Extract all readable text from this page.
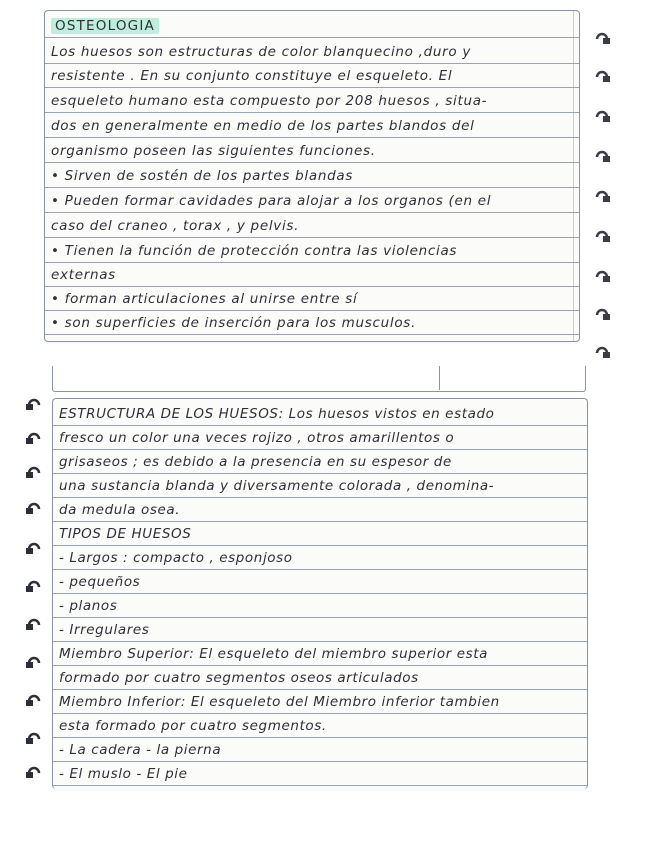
OSTEOLOGIA
Los huesos son estructuras de color blanquecino ,duro y
resistente . En su conjunto constituye el esqueleto. El
esqueleto humano esta compuesto por 208 huesos , situa-
dos en generalmente en medio de los partes blandos del
organismo poseen las siguientes funciones.
• Sirven de sostén de los partes blandas
• Pueden formar cavidades para alojar a los organos (en el
caso del craneo , torax , y pelvis.
• Tienen la función de protección contra las violencias
externas
• forman articulaciones al unirse entre sí
• son superficies de inserción para los musculos.
ESTRUCTURA DE LOS HUESOS: Los huesos vistos en estado
fresco un color una veces rojizo , otros amarillentos o
grisaseos ; es debido a la presencia en su espesor de
una sustancia blanda y diversamente colorada , denomina-
da medula osea.
TIPOS DE HUESOS
- Largos : compacto , esponjoso
- pequeños
- planos
- Irregulares
Miembro Superior: El esqueleto del miembro superior esta
formado por cuatro segmentos oseos articulados
Miembro Inferior: El esqueleto del Miembro inferior tambien
esta formado por cuatro segmentos.
- La cadera - la pierna
- El muslo - El pie
